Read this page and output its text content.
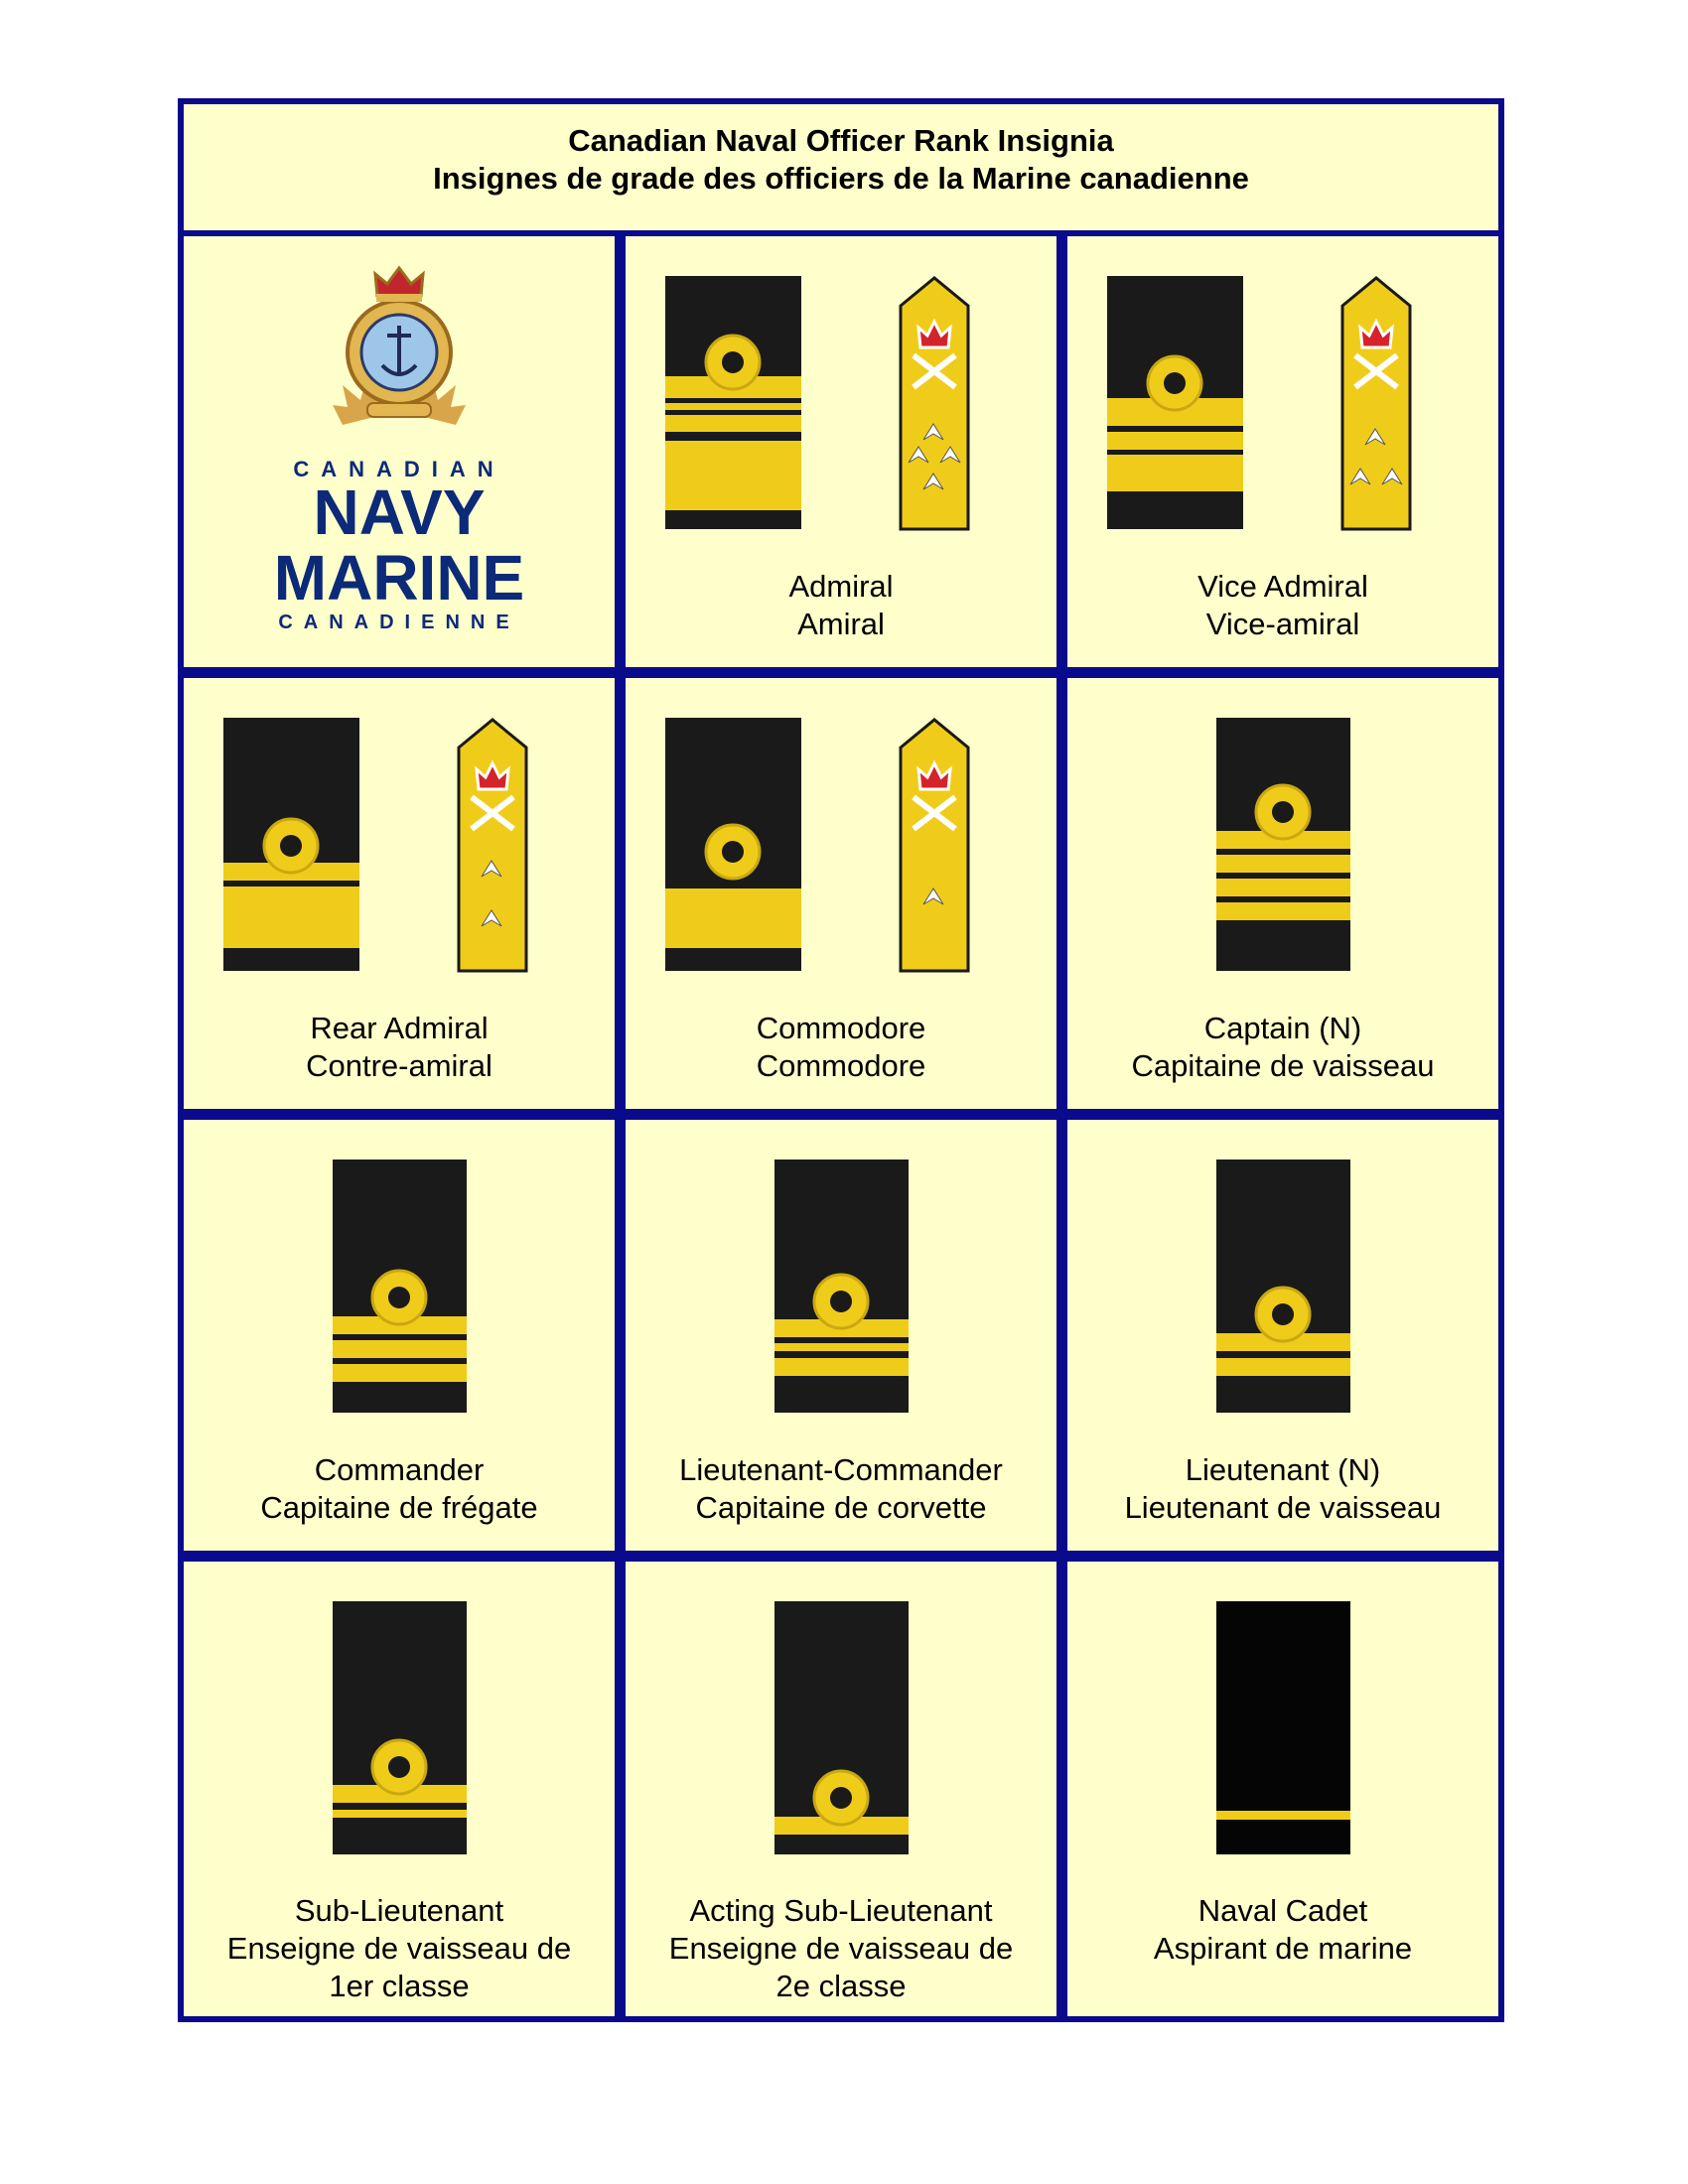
Canadian Naval Officer Rank Insignia
Insignes de grade des officiers de la Marine canadienne
CANADIAN
NAVY
MARINE
CANADIENNE
Admiral
Amiral
Vice Admiral
Vice-amiral
Rear Admiral
Contre-amiral
Commodore
Commodore
Captain (N)
Capitaine de vaisseau
Commander
Capitaine de frégate
Lieutenant-Commander
Capitaine de corvette
Lieutenant (N)
Lieutenant de vaisseau
Sub-Lieutenant
Enseigne de vaisseau de
1er classe
Acting Sub-Lieutenant
Enseigne de vaisseau de
2e classe
Naval Cadet
Aspirant de marine
